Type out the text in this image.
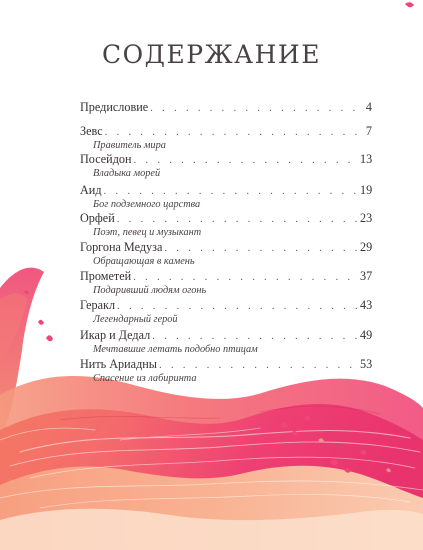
СОДЕРЖАНИЕ
Предисловие . . .	4
Зевс . . .	7
Правитель мира
Посейдон . . .	13
Владыка морей
Аид . . .	19
Бог подземного царства
Орфей . . .	23
Поэт, певец и музыкант
Горгона Медуза . . .	29
Обращающая в камень
Прометей . . .	37
Подаривший людям огонь
Геракл . . .	43
Легендарный герой
Икар и Дедал . . .	49
Мечтавшие летать подобно птицам
Нить Ариадны . . .	53
Спасение из лабиринта
